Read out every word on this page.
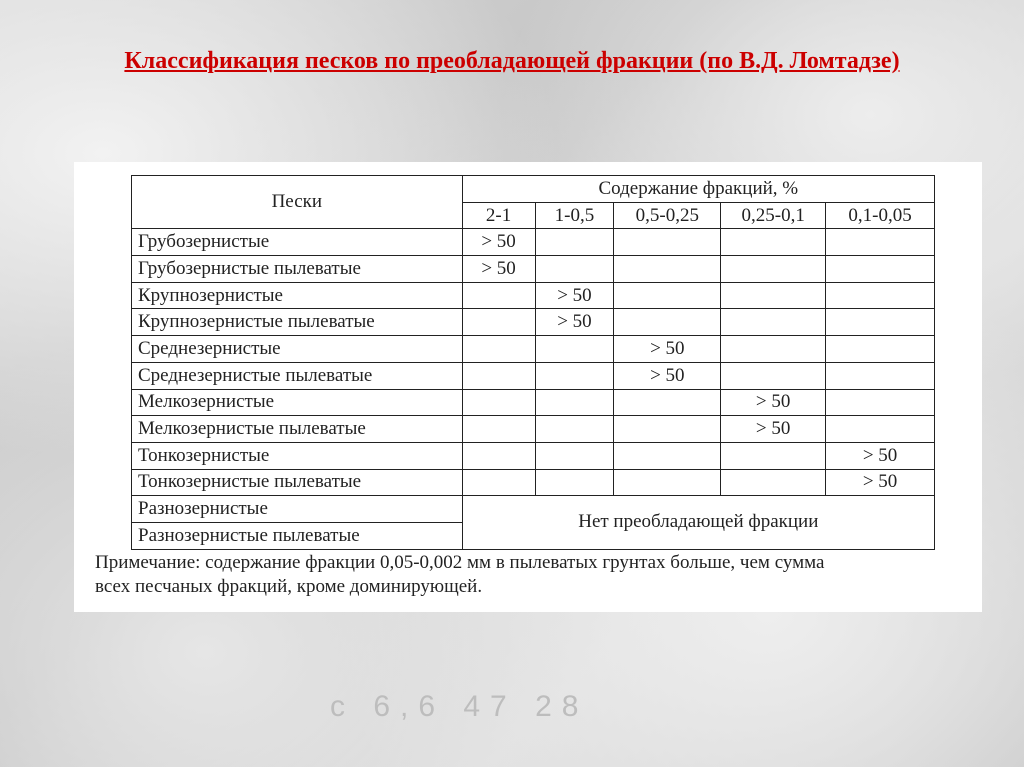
Классификация песков по преобладающей фракции (по В.Д. Ломтадзе)
с 6,6 47 28
Пески	Содержание фракций, %				
	2-1	1-0,5	0,5-0,25	0,25-0,1	0,1-0,05
Грубозернистые	> 50				
Грубозернистые пылеватые	> 50				
Крупнозернистые		> 50			
Крупнозернистые пылеватые		> 50			
Среднезернистые			> 50		
Среднезернистые пылеватые			> 50		
Мелкозернистые				> 50	
Мелкозернистые пылеватые				> 50	
Тонкозернистые					> 50
Тонкозернистые пылеватые					> 50
Разнозернистые	Нет преобладающей фракции				
Разнозернистые пылеватые					
Примечание: содержание фракции 0,05-0,002 мм в пылеватых грунтах больше, чем сумма
всех песчаных фракций, кроме доминирующей.
